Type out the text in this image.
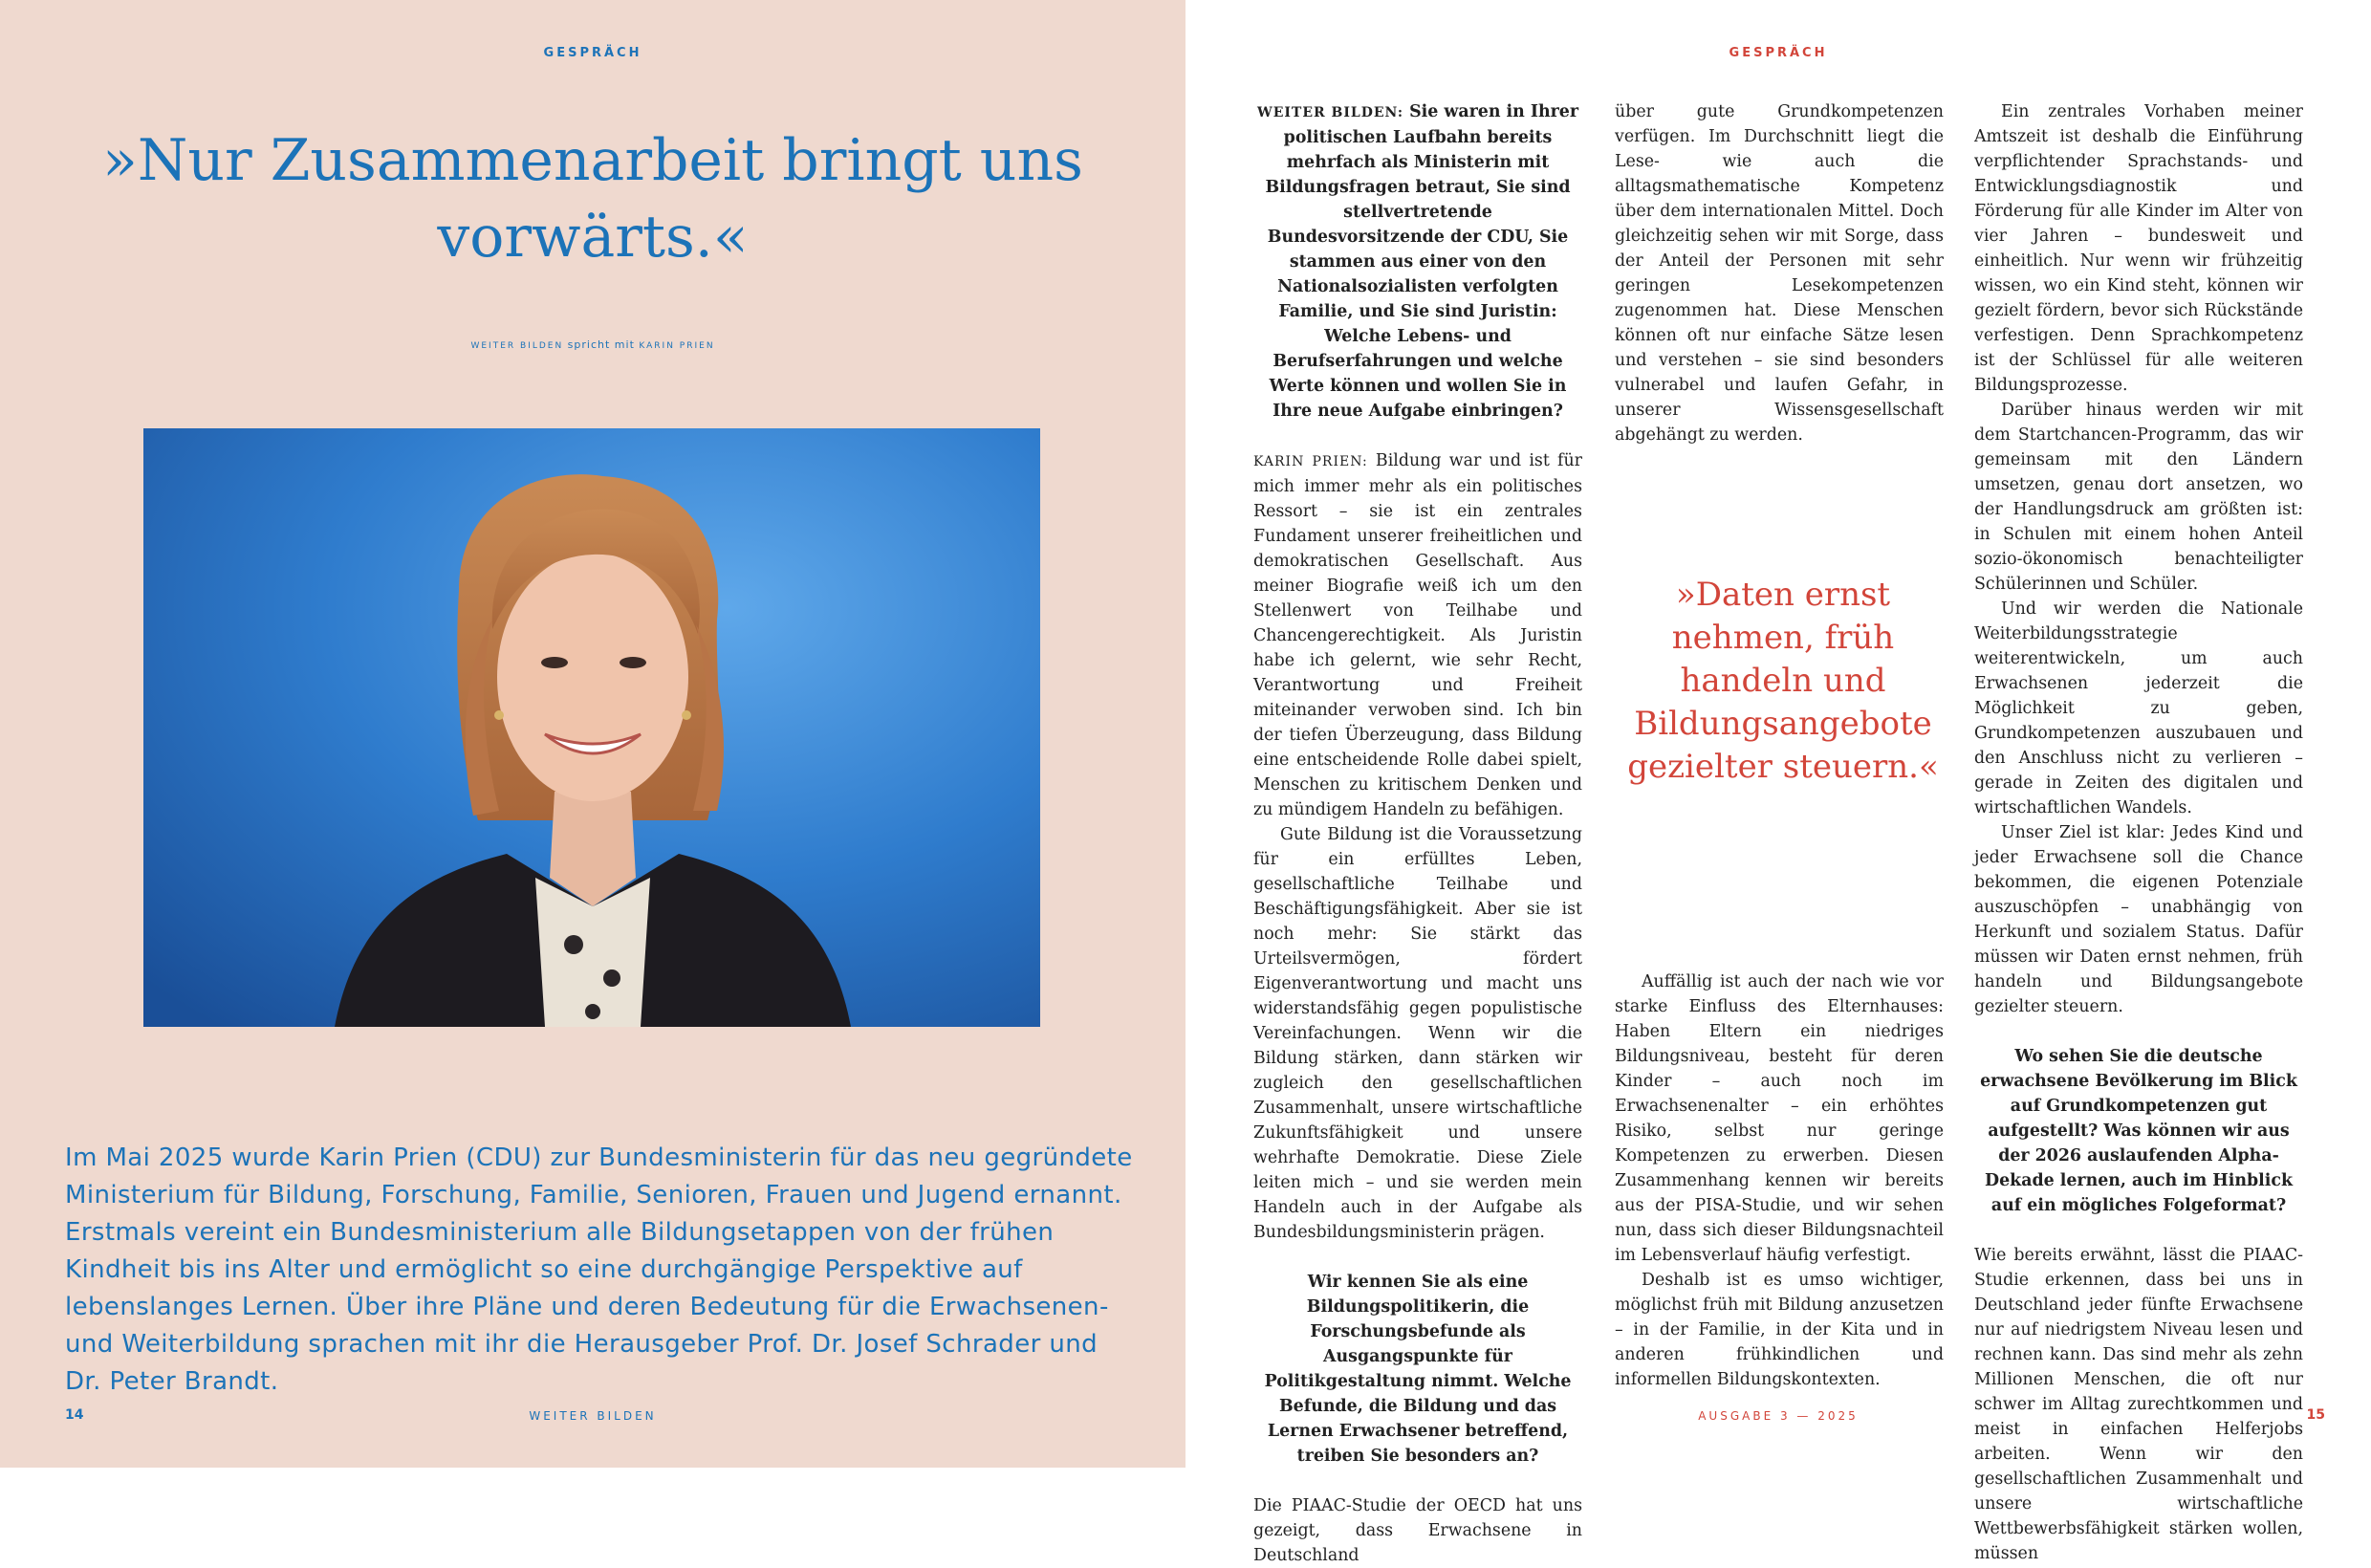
GESPRÄCH
»Nur Zusammenarbeit bringt uns vorwärts.«
WEITER BILDEN spricht mit KARIN PRIEN

Im Mai 2025 wurde Karin Prien (CDU) zur Bundesministerin für das neu gegründete Ministerium für Bildung, Forschung, Familie, Senioren, Frauen und Jugend ernannt. Erstmals vereint ein Bundesministerium alle Bildungsetappen von der frühen Kindheit bis ins Alter und ermöglicht so eine durchgängige Perspektive auf lebenslanges Lernen. Über ihre Pläne und deren Bedeutung für die Erwachsenen- und Weiterbildung sprachen mit ihr die Herausgeber Prof. Dr. Josef Schrader und Dr. Peter Brandt.

14	WEITER BILDEN
GESPRÄCH

WEITER BILDEN: Sie waren in Ihrer politischen Laufbahn bereits mehrfach als Ministerin mit Bildungsfragen betraut, Sie sind stellvertretende Bundesvorsitzende der CDU, Sie stammen aus einer von den Nationalsozialisten verfolgten Familie, und Sie sind Juristin: Welche Lebens- und Berufserfahrungen und welche Werte können und wollen Sie in Ihre neue Aufgabe einbringen?

KARIN PRIEN: Bildung war und ist für mich immer mehr als ein politisches Ressort – sie ist ein zentrales Fundament unserer freiheitlichen und demokratischen Gesellschaft. Aus meiner Biografie weiß ich um den Stellenwert von Teilhabe und Chancengerechtigkeit. Als Juristin habe ich gelernt, wie sehr Recht, Verantwortung und Freiheit miteinander verwoben sind. Ich bin der tiefen Überzeugung, dass Bildung eine entscheidende Rolle dabei spielt, Menschen zu kritischem Denken und zu mündigem Handeln zu befähigen.

Gute Bildung ist die Voraussetzung für ein erfülltes Leben, gesellschaftliche Teilhabe und Beschäftigungsfähigkeit. Aber sie ist noch mehr: Sie stärkt das Urteilsvermögen, fördert Eigenverantwortung und macht uns widerstandsfähig gegen populistische Vereinfachungen. Wenn wir die Bildung stärken, dann stärken wir zugleich den gesellschaftlichen Zusammenhalt, unsere wirtschaftliche Zukunftsfähigkeit und unsere wehrhafte Demokratie. Diese Ziele leiten mich – und sie werden mein Handeln auch in der Aufgabe als Bundesbildungsministerin prägen.

Wir kennen Sie als eine Bildungspolitikerin, die Forschungsbefunde als Ausgangspunkte für Politikgestaltung nimmt. Welche Befunde, die Bildung und das Lernen Erwachsener betreffend, treiben Sie besonders an?

Die PIAAC-Studie der OECD hat uns gezeigt, dass Erwachsene in Deutschland

über gute Grundkompetenzen verfügen. Im Durchschnitt liegt die Lese- wie auch die alltagsmathematische Kompetenz über dem internationalen Mittel. Doch gleichzeitig sehen wir mit Sorge, dass der Anteil der Personen mit sehr geringen Lesekompetenzen zugenommen hat. Diese Menschen können oft nur einfache Sätze lesen und verstehen – sie sind besonders vulnerabel und laufen Gefahr, in unserer Wissensgesellschaft abgehängt zu werden.

»Daten ernst nehmen, früh handeln und Bildungsangebote gezielter steuern.«

Auffällig ist auch der nach wie vor starke Einfluss des Elternhauses: Haben Eltern ein niedriges Bildungsniveau, besteht für deren Kinder – auch noch im Erwachsenenalter – ein erhöhtes Risiko, selbst nur geringe Kompetenzen zu erwerben. Diesen Zusammenhang kennen wir bereits aus der PISA-Studie, und wir sehen nun, dass sich dieser Bildungsnachteil im Lebensverlauf häufig verfestigt.

Deshalb ist es umso wichtiger, möglichst früh mit Bildung anzusetzen – in der Familie, in der Kita und in anderen frühkindlichen und informellen Bildungskontexten.

Ein zentrales Vorhaben meiner Amtszeit ist deshalb die Einführung verpflichtender Sprachstands- und Entwicklungsdiagnostik und Förderung für alle Kinder im Alter von vier Jahren – bundesweit und einheitlich. Nur wenn wir frühzeitig wissen, wo ein Kind steht, können wir gezielt fördern, bevor sich Rückstände verfestigen. Denn Sprachkompetenz ist der Schlüssel für alle weiteren Bildungsprozesse.

Darüber hinaus werden wir mit dem Startchancen-Programm, das wir gemeinsam mit den Ländern umsetzen, genau dort ansetzen, wo der Handlungsdruck am größten ist: in Schulen mit einem hohen Anteil sozio-ökonomisch benachteiligter Schülerinnen und Schüler.

Und wir werden die Nationale Weiterbildungsstrategie weiterentwickeln, um auch Erwachsenen jederzeit die Möglichkeit zu geben, Grundkompetenzen auszubauen und den Anschluss nicht zu verlieren – gerade in Zeiten des digitalen und wirtschaftlichen Wandels.

Unser Ziel ist klar: Jedes Kind und jeder Erwachsene soll die Chance bekommen, die eigenen Potenziale auszuschöpfen – unabhängig von Herkunft und sozialem Status. Dafür müssen wir Daten ernst nehmen, früh handeln und Bildungsangebote gezielter steuern.

Wo sehen Sie die deutsche erwachsene Bevölkerung im Blick auf Grundkompetenzen gut aufgestellt? Was können wir aus der 2026 auslaufenden Alpha-Dekade lernen, auch im Hinblick auf ein mögliches Folgeformat?

Wie bereits erwähnt, lässt die PIAAC-Studie erkennen, dass bei uns in Deutschland jeder fünfte Erwachsene nur auf niedrigstem Niveau lesen und rechnen kann. Das sind mehr als zehn Millionen Menschen, die oft nur schwer im Alltag zurechtkommen und meist in einfachen Helferjobs arbeiten. Wenn wir den gesellschaftlichen Zusammenhalt und unsere wirtschaftliche Wettbewerbsfähigkeit stärken wollen, müssen

AUSGABE 3 — 2025	15
